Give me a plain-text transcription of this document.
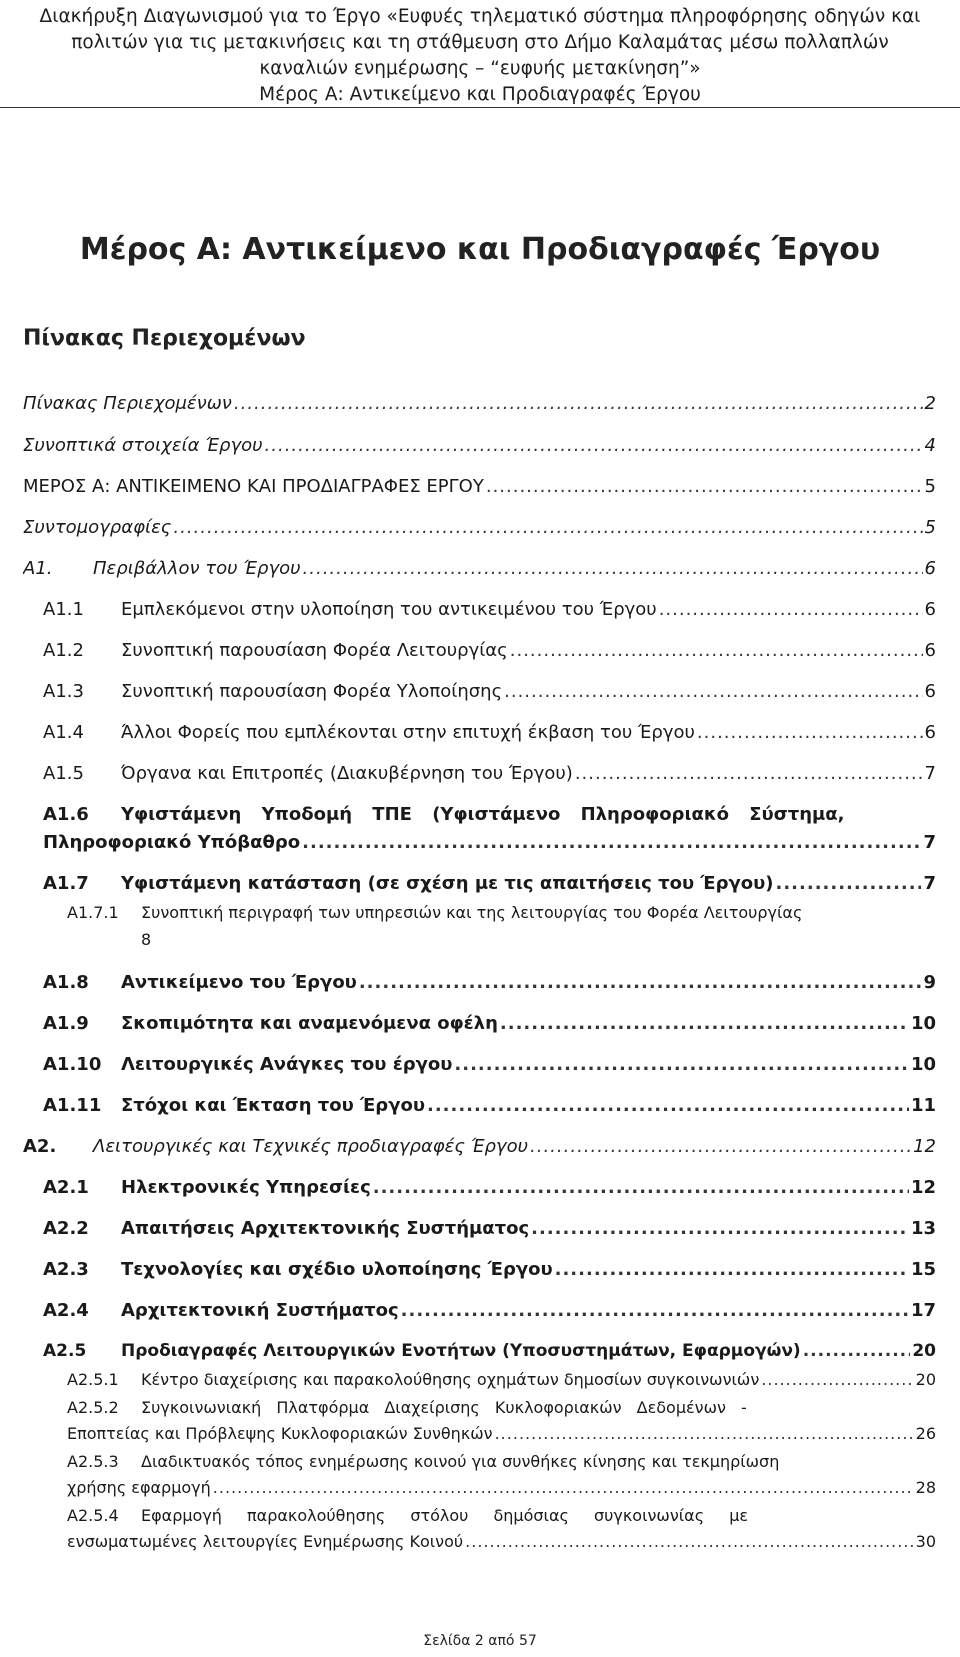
Διακήρυξη Διαγωνισμού για το Έργο «Ευφυές τηλεματικό σύστημα πληροφόρησης οδηγών και
πολιτών για τις μετακινήσεις και τη στάθμευση στο Δήμο Καλαμάτας μέσω πολλαπλών
καναλιών ενημέρωσης – “ευφυής μετακίνηση”»
Μέρος Α: Αντικείμενο και Προδιαγραφές Έργου
Μέρος Α: Αντικείμενο και Προδιαγραφές Έργου
Πίνακας Περιεχομένων
Πίνακας Περιεχομένων .....	2
Συνοπτικά στοιχεία Έργου .....	4
ΜΕΡΟΣ Α: ΑΝΤΙΚΕΙΜΕΝΟ ΚΑΙ ΠΡΟΔΙΑΓΡΑΦΕΣ ΕΡΓΟΥ .....	5
Συντομογραφίες .....	5
Α1.	Περιβάλλον του Έργου .....	6
Α1.1	Εμπλεκόμενοι στην υλοποίηση του αντικειμένου του Έργου .....	6
Α1.2	Συνοπτική παρουσίαση Φορέα Λειτουργίας .....	6
Α1.3	Συνοπτική παρουσίαση Φορέα Υλοποίησης .....	6
Α1.4	Άλλοι Φορείς που εμπλέκονται στην επιτυχή έκβαση του Έργου .....	6
Α1.5	Όργανα και Επιτροπές (Διακυβέρνηση του Έργου) .....	7
Α1.6	Υφιστάμενη Υποδομή ΤΠΕ (Υφιστάμενο Πληροφοριακό Σύστημα,
Πληροφοριακό Υπόβαθρο .....	7
Α1.7	Υφιστάμενη κατάσταση (σε σχέση με τις απαιτήσεις του Έργου) .....	7
Α1.7.1	Συνοπτική περιγραφή των υπηρεσιών και της λειτουργίας του Φορέα Λειτουργίας
8
Α1.8	Αντικείμενο του Έργου .....	9
Α1.9	Σκοπιμότητα και αναμενόμενα οφέλη .....	10
Α1.10	Λειτουργικές Ανάγκες του έργου .....	10
Α1.11	Στόχοι και Έκταση του Έργου .....	11
Α2.	Λειτουργικές και Τεχνικές προδιαγραφές Έργου .....	12
Α2.1	Ηλεκτρονικές Υπηρεσίες .....	12
Α2.2	Απαιτήσεις Αρχιτεκτονικής Συστήματος .....	13
Α2.3	Τεχνολογίες και σχέδιο υλοποίησης Έργου .....	15
Α2.4	Αρχιτεκτονική Συστήματος .....	17
Α2.5	Προδιαγραφές Λειτουργικών Ενοτήτων (Υποσυστημάτων, Εφαρμογών) .....	20
Α2.5.1	Κέντρο διαχείρισης και παρακολούθησης οχημάτων δημοσίων συγκοινωνιών .....	20
Α2.5.2	Συγκοινωνιακή Πλατφόρμα Διαχείρισης Κυκλοφοριακών Δεδομένων -
Εποπτείας και Πρόβλεψης Κυκλοφοριακών Συνθηκών .....	26
Α2.5.3	Διαδικτυακός τόπος ενημέρωσης κοινού για συνθήκες κίνησης και τεκμηρίωση
χρήσης εφαρμογή .....	28
Α2.5.4	Εφαρμογή παρακολούθησης στόλου δημόσιας συγκοινωνίας με
ενσωματωμένες λειτουργίες Ενημέρωσης Κοινού .....	30
Σελίδα 2 από 57
